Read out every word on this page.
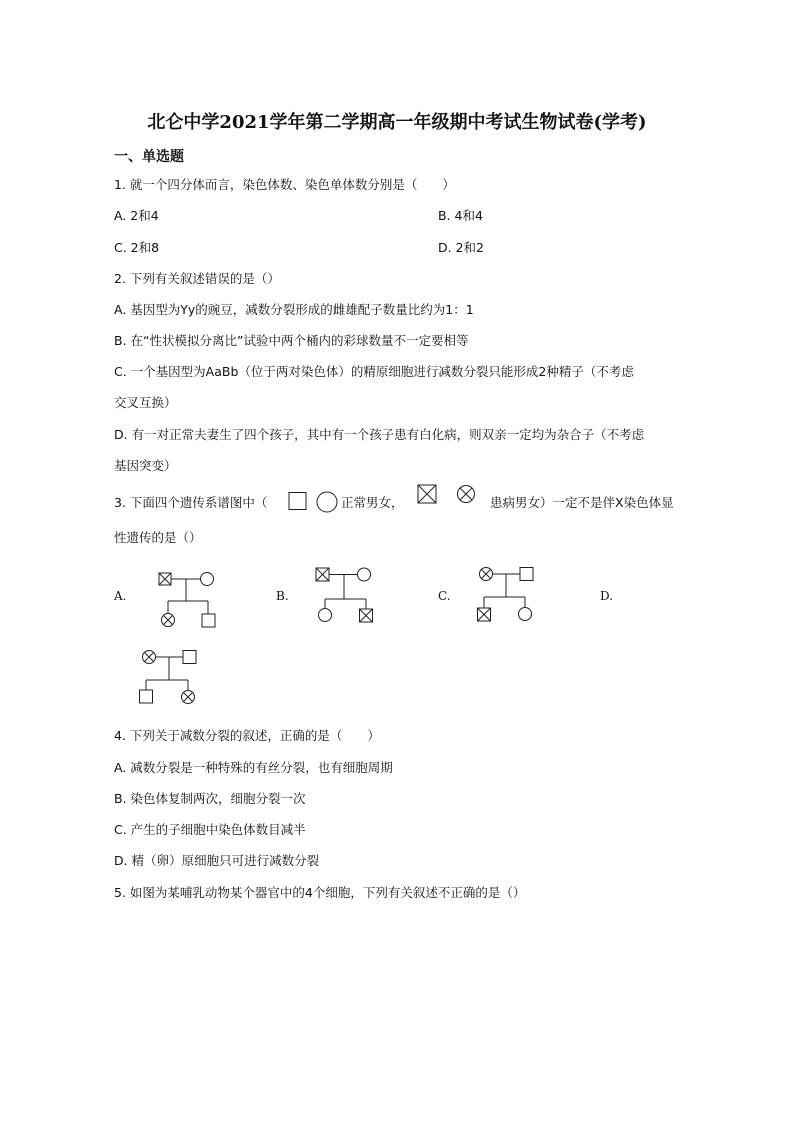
北仑中学2021学年第二学期高一年级期中考试生物试卷(学考)
一、单选题
1. 就一个四分体而言，染色体数、染色单体数分别是（　　）
A. 2和4	B. 4和4
C. 2和8	D. 2和2
2. 下列有关叙述错误的是（）
A. 基因型为Yy的豌豆，减数分裂形成的雌雄配子数量比约为1：1
B. 在“性状模拟分离比”试验中两个桶内的彩球数量不一定要相等
C. 一个基因型为AaBb（位于两对染色体）的精原细胞进行减数分裂只能形成2种精子（不考虑
交叉互换）
D. 有一对正常夫妻生了四个孩子，其中有一个孩子患有白化病，则双亲一定均为杂合子（不考虑
基因突变）
3. 下面四个遗传系谱图中（	正常男女，	患病男女）一定不是伴X染色体显
性遗传的是（）
A.	B.	C.	D.
4. 下列关于减数分裂的叙述，正确的是（　　）
A. 减数分裂是一种特殊的有丝分裂，也有细胞周期
B. 染色体复制两次，细胞分裂一次
C. 产生的子细胞中染色体数目减半
D. 精（卵）原细胞只可进行减数分裂
5. 如图为某哺乳动物某个器官中的4个细胞，下列有关叙述不正确的是（）
